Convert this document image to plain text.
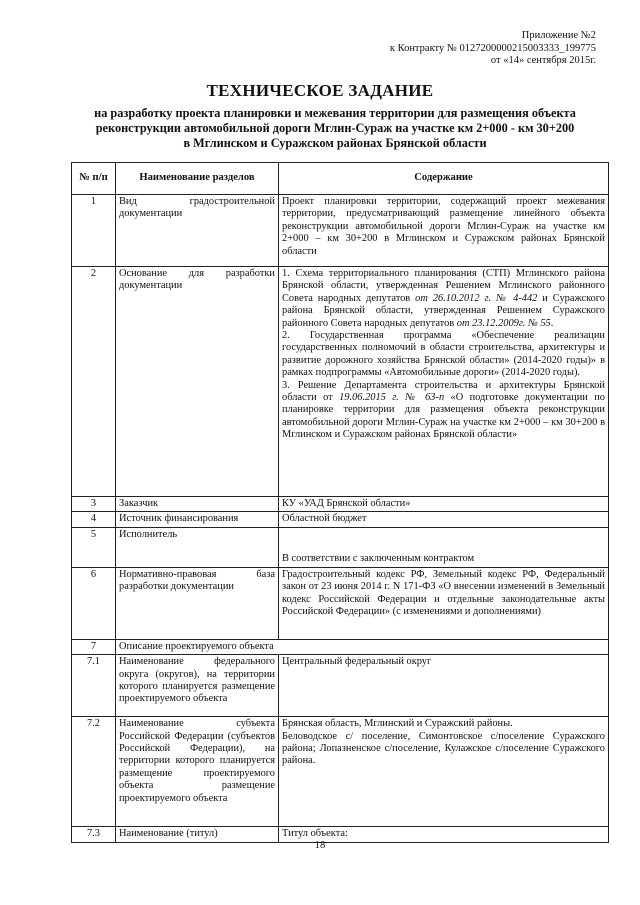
Приложение №2
к Контракту № 0127200000215003333_199775
от «14» сентября 2015г.
ТЕХНИЧЕСКОЕ ЗАДАНИЕ
на разработку проекта планировки и межевания территории для размещения объекта
реконструкции автомобильной дороги Мглин-Сураж на участке км 2+000 - км 30+200
в Мглинском и Суражском районах Брянской области
№ п/п	Наименование разделов	Содержание
1	Вид градостроительной документации	Проект планировки территории, содержащий проект межевания территории, предусматривающий размещение линейного объекта реконструкции автомобильной дороги Мглин-Сураж на участке км 2+000 – км 30+200 в Мглинском и Суражском районах Брянской области
2	Основание для разработки документации	1. Схема территориального планирования (СТП) Мглинского района Брянской области, утвержденная Решением Мглинского районного Совета народных депутатов от 26.10.2012 г. № 4-442 и Суражского района Брянской области, утвержденная Решением Суражского районного Совета народных депутатов от 23.12.2009г. № 55.
2. Государственная программа «Обеспечение реализации государственных полномочий в области строительства, архитектуры и развитие дорожного хозяйства Брянской области» (2014-2020 годы)» в рамках подпрограммы «Автомобильные дороги» (2014-2020 годы).
3. Решение Департамента строительства и архитектуры Брянской области от 19.06.2015 г. № 63-п «О подготовке документации по планировке территории для размещения объекта реконструкции автомобильной дороги Мглин-Сураж на участке км 2+000 – км 30+200 в Мглинском и Суражском районах Брянской области»

3	Заказчик	КУ «УАД Брянской области»
4	Источник финансирования	Областной бюджет
5	Исполнитель	В соответствии с заключенным контрактом
6	Нормативно-правовая база разработки документации	Градостроительный кодекс РФ, Земельный кодекс РФ, Федеральный закон от 23 июня 2014 г. N 171-ФЗ «О внесении изменений в Земельный кодекс Российской Федерации и отдельные законодательные акты Российской Федерации» (с изменениями и дополнениями)
7	Описание проектируемого объекта	
7.1	Наименование федерального округа (округов), на территории которого планируется размещение проектируемого объекта	Центральный федеральный округ
7.2	Наименование субъекта Российской Федерации (субъектов Российской Федерации), на территории которого планируется размещение проектируемого объекта размещение проектируемого объекта	Брянская область, Мглинский и Суражский районы.
Беловодское с/ поселение, Симонтовское с/поселение Суражского района; Лопазненское с/поселение, Кулажское с/поселение Суражского района.

7.3	Наименование (титул)	Титул объекта:
18
